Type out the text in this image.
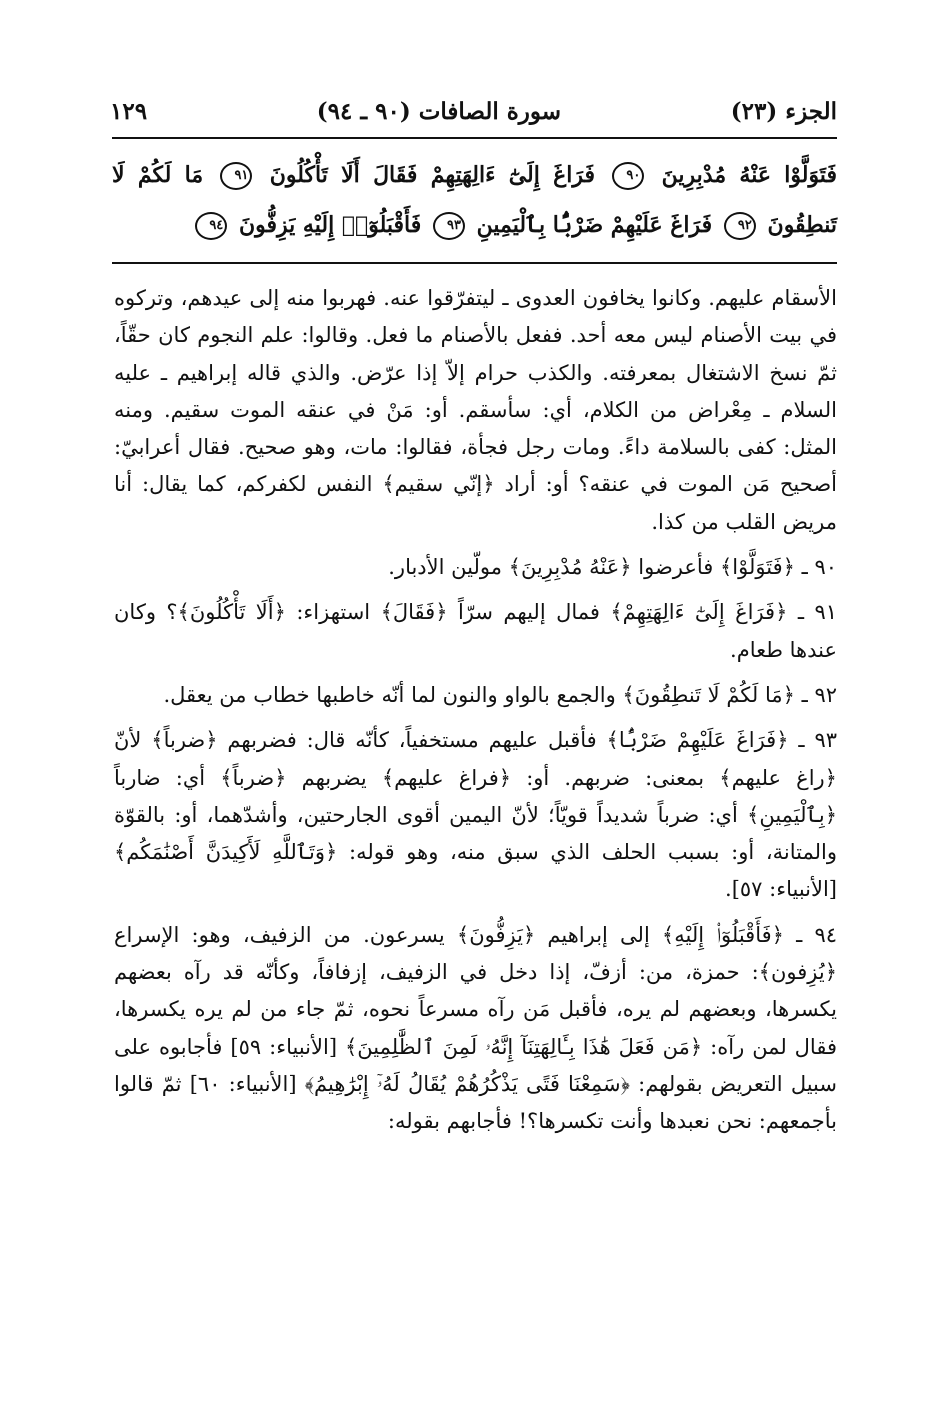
الجزء (٢٣)
سورة الصافات (٩٠ ـ ٩٤)
١٢٩
فَتَوَلَّوْا عَنْهُ مُدْبِرِينَ ٩٠ فَرَاغَ إِلَىٰٓ ءَالِهَتِهِمْ فَقَالَ أَلَا تَأْكُلُونَ ٩١ مَا لَكُمْ لَا تَنطِقُونَ ٩٢ فَرَاغَ عَلَيْهِمْ ضَرْبًۢا بِٱلْيَمِينِ ٩٣ فَأَقْبَلُوٓا۟ إِلَيْهِ يَزِفُّونَ ٩٤

الأسقام عليهم. وكانوا يخافون العدوى ـ ليتفرّقوا عنه. فهربوا منه إلى عيدهم، وتركوه في بيت الأصنام ليس معه أحد. ففعل بالأصنام ما فعل. وقالوا: علم النجوم كان حقّاً، ثمّ نسخ الاشتغال بمعرفته. والكذب حرام إلاّ إذا عرّض. والذي قاله إبراهيم ـ عليه السلام ـ مِعْراض من الكلام، أي: سأسقم. أو: مَنْ في عنقه الموت سقيم. ومنه المثل: كفى بالسلامة داءً. ومات رجل فجأة، فقالوا: مات، وهو صحيح. فقال أعرابيّ: أصحيح مَن الموت في عنقه؟ أو: أراد ﴿إنّي سقيم﴾ النفس لكفركم، كما يقال: أنا مريض القلب من كذا.

٩٠ ـ ﴿فَتَوَلَّوْا﴾ فأعرضوا ﴿عَنْهُ مُدْبِرِينَ﴾ مولّين الأدبار.

٩١ ـ ﴿فَرَاغَ إِلَىٰٓ ءَالِهَتِهِمْ﴾ فمال إليهم سرّاً ﴿فَقَالَ﴾ استهزاء: ﴿أَلَا تَأْكُلُونَ﴾؟ وكان عندها طعام.

٩٢ ـ ﴿مَا لَكُمْ لَا تَنطِقُونَ﴾ والجمع بالواو والنون لما أنّه خاطبها خطاب من يعقل.

٩٣ ـ ﴿فَرَاغَ عَلَيْهِمْ ضَرْبًۢا﴾ فأقبل عليهم مستخفياً، كأنّه قال: فضربهم ﴿ضرباً﴾ لأنّ ﴿راغ عليهم﴾ بمعنى: ضربهم. أو: ﴿فراغ عليهم﴾ يضربهم ﴿ضرباً﴾ أي: ضارباً ﴿بِٱلْيَمِينِ﴾ أي: ضرباً شديداً قويّاً؛ لأنّ اليمين أقوى الجارحتين، وأشدّهما، أو: بالقوّة والمتانة، أو: بسبب الحلف الذي سبق منه، وهو قوله: ﴿وَتَٱللَّهِ لَأَكِيدَنَّ أَصْنَٰمَكُم﴾ [الأنبياء: ٥٧].

٩٤ ـ ﴿فَأَقْبَلُوٓا۟ إِلَيْهِ﴾ إلى إبراهيم ﴿يَزِفُّونَ﴾ يسرعون. من الزفيف، وهو: الإسراع ﴿يُزِفون﴾: حمزة، من: أزفّ، إذا دخل في الزفيف، إزفافاً، وكأنّه قد رآه بعضهم يكسرها، وبعضهم لم يره، فأقبل مَن رآه مسرعاً نحوه، ثمّ جاء من لم يره يكسرها، فقال لمن رآه: ﴿مَن فَعَلَ هَٰذَا بِـَٔالِهَتِنَآ إِنَّهُۥ لَمِنَ ٱلظَّٰلِمِينَ﴾ [الأنبياء: ٥٩] فأجابوه على سبيل التعريض بقولهم: ﴿سَمِعْنَا فَتًى يَذْكُرُهُمْ يُقَالُ لَهُۥٓ إِبْرَٰهِيمُ﴾ [الأنبياء: ٦٠] ثمّ قالوا بأجمعهم: نحن نعبدها وأنت تكسرها؟! فأجابهم بقوله:
